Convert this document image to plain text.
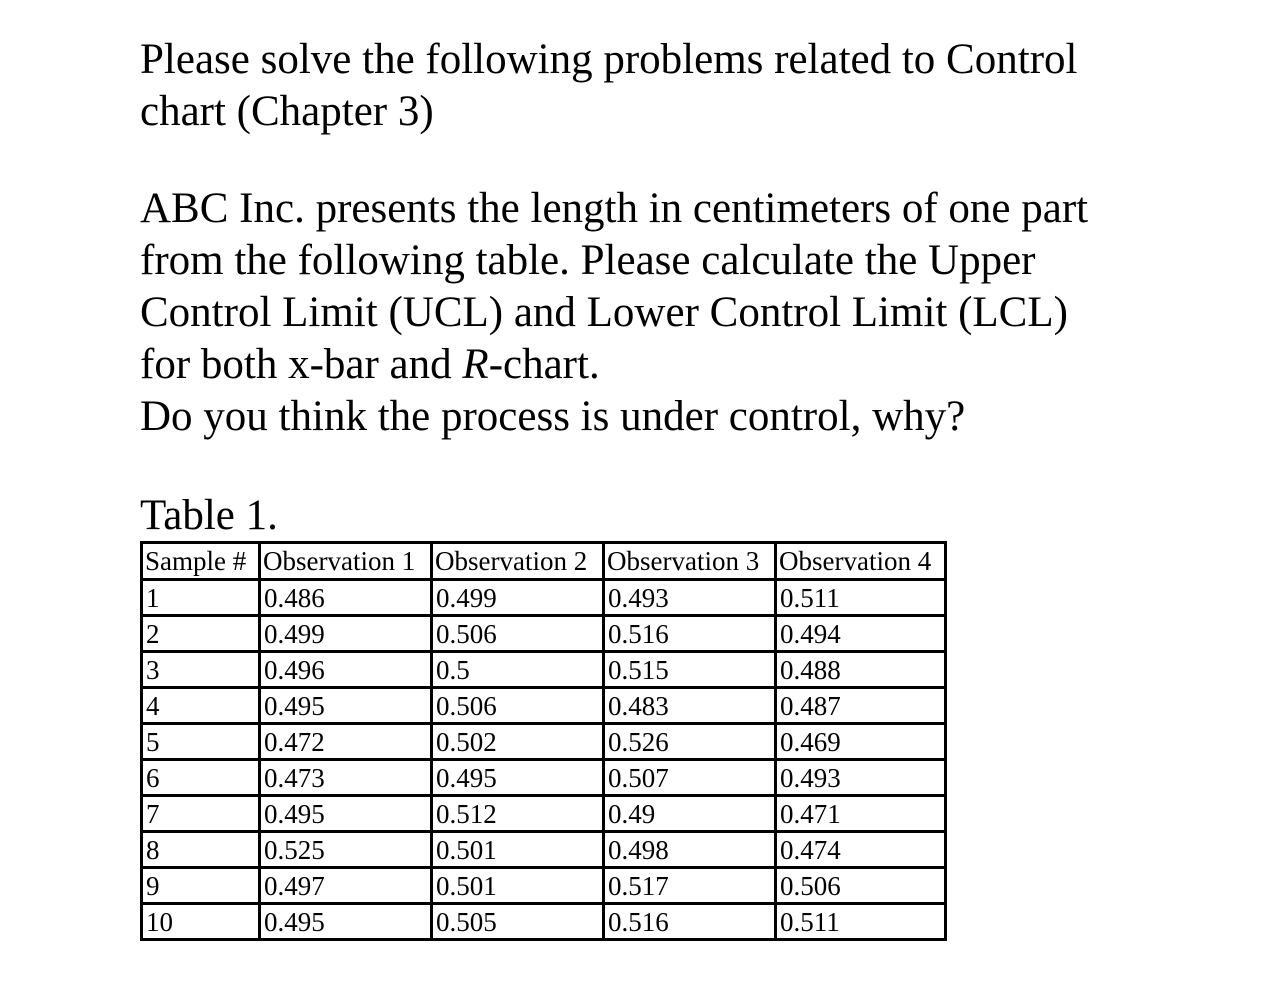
Please solve the following problems related to Control
chart (Chapter 3)

ABC Inc. presents the length in centimeters of one part
from the following table. Please calculate the Upper
Control Limit (UCL) and Lower Control Limit (LCL)
for both x-bar and R-chart.

Do you think the process is under control, why?

Table 1.

Sample #	Observation 1	Observation 2	Observation 3	Observation 4
1	0.486	0.499	0.493	0.511
2	0.499	0.506	0.516	0.494
3	0.496	0.5	0.515	0.488
4	0.495	0.506	0.483	0.487
5	0.472	0.502	0.526	0.469
6	0.473	0.495	0.507	0.493
7	0.495	0.512	0.49	0.471
8	0.525	0.501	0.498	0.474
9	0.497	0.501	0.517	0.506
10	0.495	0.505	0.516	0.511
